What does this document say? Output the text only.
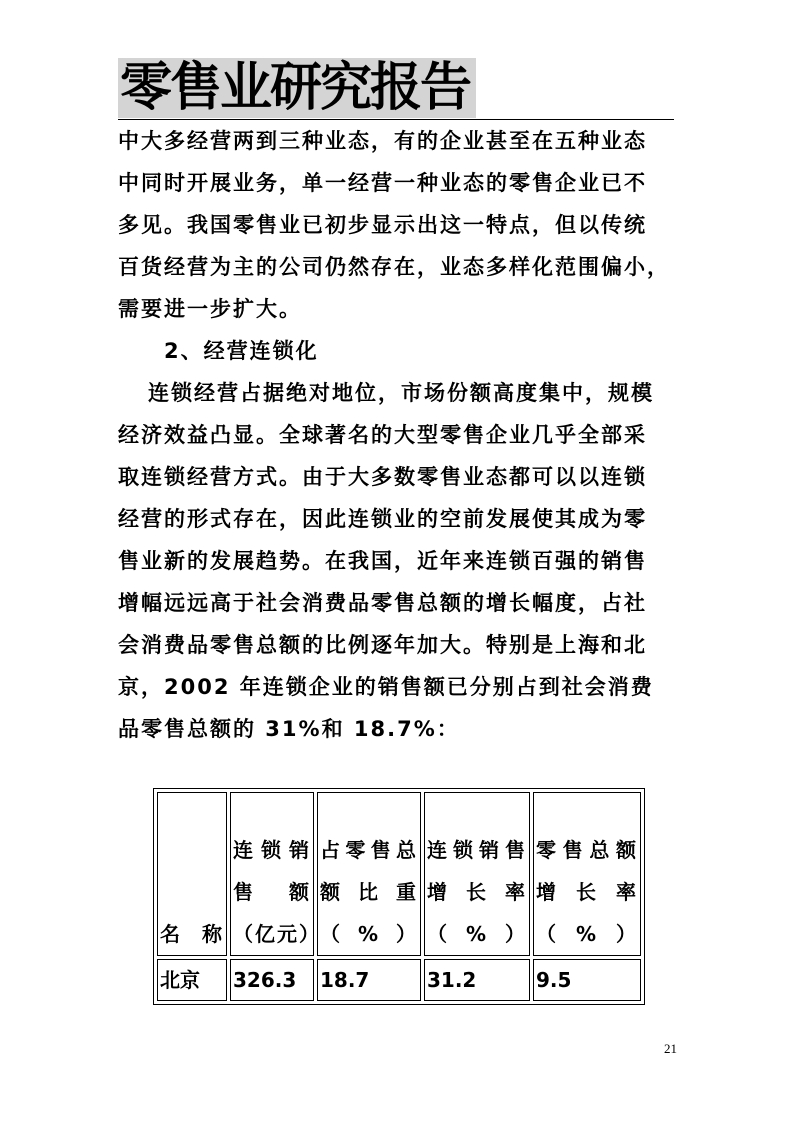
零售业研究报告
中大多经营两到三种业态，有的企业甚至在五种业态
中同时开展业务，单一经营一种业态的零售企业已不
多见。我国零售业已初步显示出这一特点，但以传统
百货经营为主的公司仍然存在，业态多样化范围偏小，
需要进一步扩大。
2、经营连锁化
连锁经营占据绝对地位，市场份额高度集中，规模
经济效益凸显。全球著名的大型零售企业几乎全部采
取连锁经营方式。由于大多数零售业态都可以以连锁
经营的形式存在，因此连锁业的空前发展使其成为零
售业新的发展趋势。在我国，近年来连锁百强的销售
增幅远远高于社会消费品零售总额的增长幅度，占社
会消费品零售总额的比例逐年加大。特别是上海和北
京，2002 年连锁企业的销售额已分别占到社会消费
品零售总额的 31%和 18.7%：
名称	连锁销售额（亿元）	占零售总额比重（%）	连锁销售增长率（%）	零售总额增长率（%）

北京	326.3	18.7	31.2	9.5
21
